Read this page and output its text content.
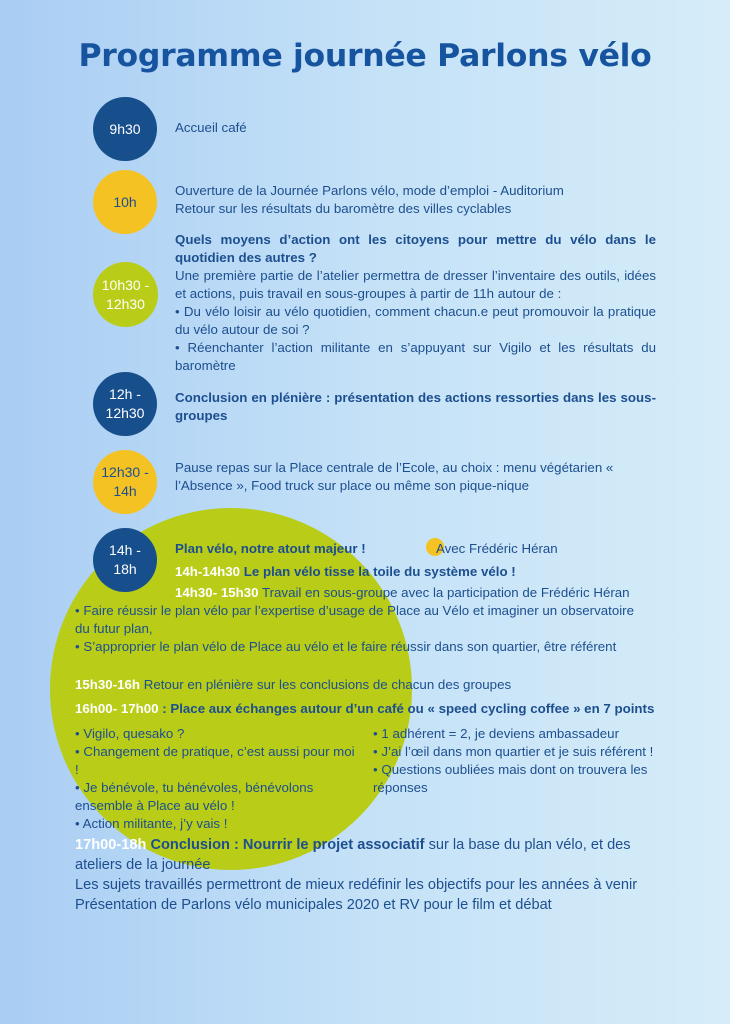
Programme journée Parlons vélo
9h30
10h
10h30 - 12h30
12h - 12h30
12h30 - 14h
14h - 18h

Accueil café

Ouverture de la Journée Parlons vélo, mode d’emploi - Auditorium

Retour sur les résultats du baromètre des villes cyclables

Quels moyens d’action ont les citoyens pour mettre du vélo dans le quotidien des autres ?

Une première partie de l’atelier permettra de dresser l’inventaire des outils, idées et actions, puis travail en sous-groupes à partir de 11h autour de :

• Du vélo loisir au vélo quotidien, comment chacun.e peut promouvoir la pratique du vélo autour de soi ?

• Réenchanter l’action militante en s’appuyant sur Vigilo et les résultats du baromètre

Conclusion en plénière : présentation des actions ressorties dans les sous-groupes

Pause repas sur la Place centrale de l’Ecole, au choix : menu végétarien « l’Absence », Food truck sur place ou même son pique-nique

Plan vélo, notre atout majeur !	Avec Frédéric Héran
14h-14h30 Le plan vélo tisse la toile du système vélo !
14h30- 15h30 Travail en sous-groupe avec la participation de Frédéric Héran

• Faire réussir le plan vélo par l’expertise d’usage de Place au Vélo et imaginer un observatoire du futur plan,

• S’approprier le plan vélo de Place au vélo et le faire réussir dans son quartier, être référent

15h30-16h Retour en plénière sur les conclusions de chacun des groupes
16h00- 17h00 : Place aux échanges autour d’un café ou « speed cycling coffee » en 7 points

• Vigilo, quesako ?

• Changement de pratique, c’est aussi pour moi !

• Je bénévole, tu bénévoles, bénévolons ensemble à Place au vélo !

• Action militante, j’y vais !

• 1 adhérent = 2, je deviens ambassadeur

• J’ai l’œil dans mon quartier et je suis référent !

• Questions oubliées mais dont on trouvera les réponses

17h00-18h Conclusion : Nourrir le projet associatif sur la base du plan vélo, et des ateliers de la journée

Les sujets travaillés permettront de mieux redéfinir les objectifs pour les années à venir

Présentation de Parlons vélo municipales 2020 et RV pour le film et débat
